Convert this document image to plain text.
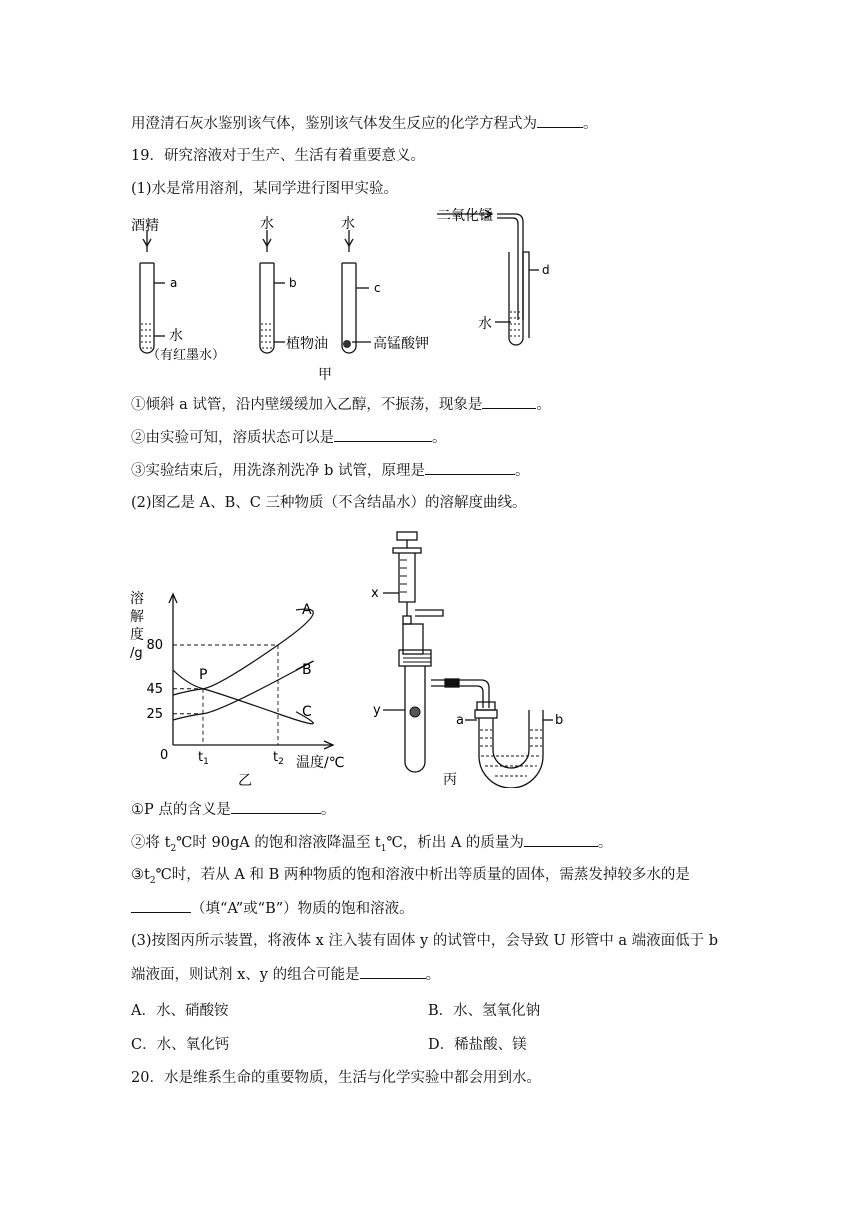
用澄清石灰水鉴别该气体，鉴别该气体发生反应的化学方程式为	。
19．研究溶液对于生产、生活有着重要意义。
(1)水是常用溶剂，某同学进行图甲实验。
酒精	水	水	二氧化锰
a	b	c
d
水
（有红墨水）
植物油	高锰酸钾
水
甲
①倾斜 a 试管，沿内壁缓缓加入乙醇，不振荡，现象是	。
②由实验可知，溶质状态可以是	。
③实验结束后，用洗涤剂洗净 b 试管，原理是	。
(2)图乙是 A、B、C 三种物质（不含结晶水）的溶解度曲线。
25
45
80
$t_1$	$t_2$
A
B
C
P
溶
解
度
/g
0	温度/℃
乙
x
y
a	b
丙
①P 点的含义是	。
②将 $t_2℃$时 90gA 的饱和溶液降温至 $t_1℃$，析出 A 的质量为	。
$③t_2℃$时，若从 A 和 B 两种物质的饱和溶液中析出等质量的固体，需蒸发掉较多水的是
（填“A”或“B”）物质的饱和溶液。
(3)按图丙所示装置，将液体 x 注入装有固体 y 的试管中，会导致 U 形管中 a 端液面低于 b
端液面，则试剂 x、y 的组合可能是	。
A．水、硝酸铵	B．水、氢氧化钠
C．水、氧化钙	D．稀盐酸、镁
20．水是维系生命的重要物质，生活与化学实验中都会用到水。
